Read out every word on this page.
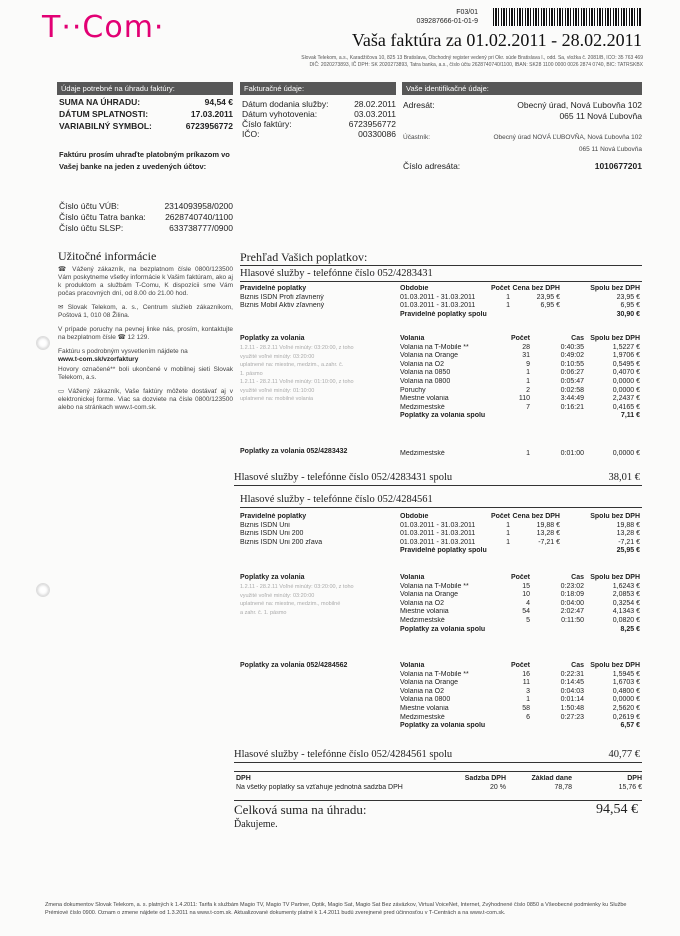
T··Com·	F03/01
039287666-01-01-9
Vaša faktúra za 01.02.2011 - 28.02.2011
Slovak Telekom, a.s., Karadžičova 10, 825 13 Bratislava, Obchodný register vedený pri Okr. súde Bratislava I., odd. Sa, vložka č. 2081/B, IČO: 35 763 469
DIČ: 2020273893, IČ DPH: SK 2020273893, Tatra banka, a.s., číslo účtu 2628740740/1100, IBAN: SK28 1100 0000 0026 2874 0740, BIC: TATRSKBX
Údaje potrebné na úhradu faktúry:
SUMA NA ÚHRADU:	94,54 €
DÁTUM SPLATNOSTI:	17.03.2011
VARIABILNÝ SYMBOL:	6723956772
Faktúru prosím uhraďte platobným príkazom vo Vašej banke na jeden z uvedených účtov:
Číslo účtu VÚB:	2314093958/0200
Číslo účtu Tatra banka: 2628740740/1100
Číslo účtu SLSP:	633738777/0900
Fakturačné údaje:
Dátum dodania služby:	28.02.2011
Dátum vyhotovenia:	03.03.2011
Číslo faktúry:	6723956772
IČO:	00330086
Vaše identifikačné údaje:
Adresát:	Obecný úrad, Nová Ľubovňa 102
065 11 Nová Ľubovňa
Účastník:	Obecný úrad NOVÁ ĽUBOVŇA, Nová Ľubovňa 102
065 11 Nová Ľubovňa
Číslo adresáta:	1010677201
Užitočné informácie

☎ Vážený zákazník, na bezplatnom čísle 0800/123500 Vám poskytneme všetky informácie k Vašim faktúram, ako aj k produktom a službám T-Comu, K dispozícii sme Vám počas pracovných dní, od 8.00 do 21.00 hod.

✉ Slovak Telekom, a. s., Centrum služieb zákazníkom, Poštová 1, 010 08 Žilina.

V prípade poruchy na pevnej linke nás, prosím, kontaktujte na bezplatnom čísle ☎ 12 129.

Faktúru s podrobným vysvetlením nájdete na

www.t-com.sk/vzorfaktury

Hovory označené** boli ukončené v mobilnej sieti Slovak Telekom, a.s.

▭ Vážený zákazník, Vaše faktúry môžete dostávať aj v elektronickej forme. Viac sa dozviete na čísle 0800/123500 alebo na stránkach www.t-com.sk.

Prehľad Vašich poplatkov:
Hlasové služby - telefónne číslo 052/4283431
DPH	Sadzba DPH	Základ dane	DPH
Na všetky poplatky sa vzťahuje jednotná sadzba DPH	20 %	78,78	15,76 €
Celková suma na úhradu:	94,54 €
Ďakujeme.
Zmena dokumentov Slovak Telekom, a. s. platných k 1.4.2011: Tarifa k službám Magio TV, Magio TV Partner, Optik, Magio Sat, Magio Sat Bez záväzkov, Virtual VoiceNet, Internet, Zvýhodnené číslo 0850 a Všeobecné podmienky ku Službe Prémiové číslo 0900. Oznam o zmene nájdete od 1.3.2011 na www.t-com.sk. Aktualizované dokumenty platné k 1.4.2011 budú zverejnené pred účinnosťou v T-Centrách a na www.t-com.sk.
Pravidelné poplatky	Obdobie	Počet Cena bez DPH	Spolu bez DPH
Biznis ISDN Profi zľavnený	01.03.2011 - 31.03.2011	1	23,95 €	23,95 €
Biznis Mobil Aktiv zľavnený	01.03.2011 - 31.03.2011	1	6,95 €	6,95 €
Pravidelné poplatky spolu	30,90 €
Poplatky za volania
1.2.11 - 28.2.11 Voľné minúty: 03:20:00, z toho
využité voľné minúty: 03:20:00
uplatnené na: miestne, medzim., a.zahr. č.
1. pásmo
1.2.11 - 28.2.11 Voľné minúty: 01:10:00, z toho
využité voľné minúty: 01:10:00
uplatnené na: mobilné volania
Volania	Počet	Čas Spolu bez DPH
Volania na T-Mobile **	28	0:40:35	1,5227 €
Volania na Orange	31	0:49:02	1,9706 €
Volania na O2	9	0:10:55	0,5495 €
Volania na 0850	1	0:06:27	0,4070 €
Volania na 0800	1	0:05:47	0,0000 €
Poruchy	2	0:02:58	0,0000 €
Miestne volania	110	3:44:49	2,2437 €
Medzimestské	7	0:16:21	0,4165 €
Poplatky za volania spolu	7,11 €
Poplatky za volania 052/4283432	Medzimestské	1	0:01:00	0,0000 €
Hlasové služby - telefónne číslo 052/4283431 spolu	38,01 €
Hlasové služby - telefónne číslo 052/4284561
Pravidelné poplatky	Obdobie	Počet Cena bez DPH	Spolu bez DPH
Biznis ISDN Uni	01.03.2011 - 31.03.2011	1	19,88 €	19,88 €
Biznis ISDN Uni 200	01.03.2011 - 31.03.2011	1	13,28 €	13,28 €
Biznis ISDN Uni 200 zľava	01.03.2011 - 31.03.2011	1	-7,21 €	-7,21 €
Pravidelné poplatky spolu	25,95 €
Poplatky za volania
1.2.11 - 28.2.11 Voľné minúty: 03:20:00, z toho
využité voľné minúty: 03:20:00
uplatnené na: miestne, medzim., mobilné
a zahr. č. 1. pásmo
Volania	Počet	Čas Spolu bez DPH
Volania na T-Mobile **	15	0:23:02	1,6243 €
Volania na Orange	10	0:18:09	2,0853 €
Volania na O2	4	0:04:00	0,3254 €
Miestne volania	54	2:02:47	4,1343 €
Medzimestské	5	0:11:50	0,0820 €
Poplatky za volania spolu	8,25 €
Poplatky za volania 052/4284562	Volania	Počet	Čas Spolu bez DPH
Volania na T-Mobile **	16	0:22:31	1,5945 €
Volania na Orange	11	0:14:45	1,6703 €
Volania na O2	3	0:04:03	0,4800 €
Volania na 0800	1	0:01:14	0,0000 €
Miestne volania	58	1:50:48	2,5620 €
Medzimestské	6	0:27:23	0,2619 €
Poplatky za volania spolu	6,57 €
Hlasové služby - telefónne číslo 052/4284561 spolu	40,77 €
